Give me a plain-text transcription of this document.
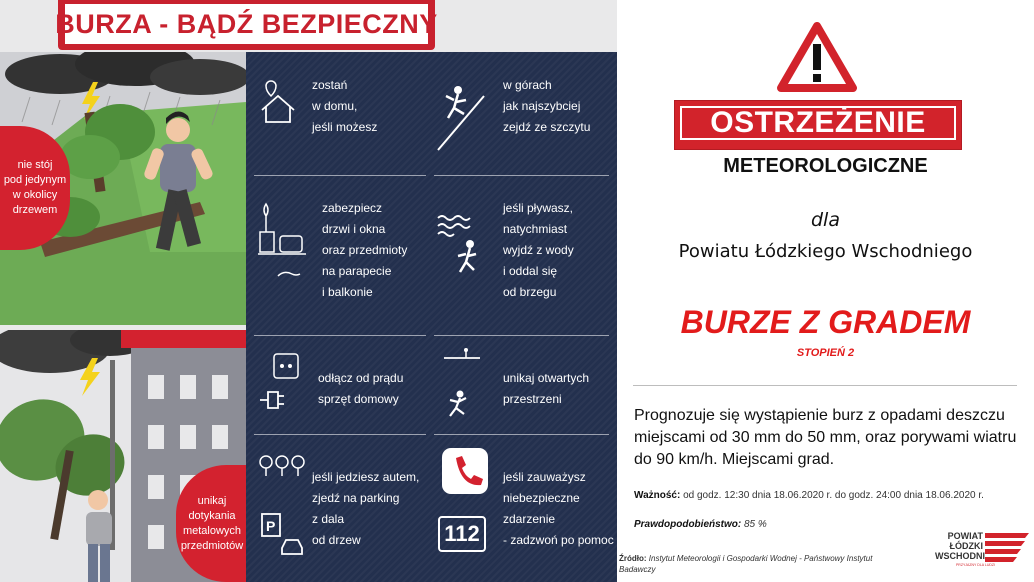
BURZA - BĄDŹ BEZPIECZNY
nie stój
pod jedynym
w okolicy
drzewem
unikaj
dotykania
metalowych
przedmiotów
zostań
w domu,
jeśli możesz
w górach
jak najszybciej
zejdź ze szczytu
zabezpiecz
drzwi i okna
oraz przedmioty
na parapecie
i balkonie
jeśli pływasz,
natychmiast
wyjdź z wody
i oddal się
od brzegu
odłącz od prądu
sprzęt domowy
unikaj otwartych
przestrzeni
P
jeśli jedziesz autem,
zjedź na parking
z dala
od drzew	112
jeśli zauważysz
niebezpieczne
zdarzenie
- zadzwoń po pomoc
OSTRZEŻENIE
METEOROLOGICZNE
dla
Powiatu Łódzkiego Wschodniego
BURZE Z GRADEM
STOPIEŃ 2
Prognozuje się wystąpienie burz z opadami deszczu miejscami od 30 mm do 50 mm, oraz porywami wiatru do 90 km/h. Miejscami grad.
Ważność: od godz. 12:30 dnia 18.06.2020 r. do godz. 24:00 dnia 18.06.2020 r.
Prawdopodobieństwo: 85 %
Źródło: Instytut Meteorologii i Gospodarki Wodnej - Państwowy Instytut Badawczy
POWIAT
ŁÓDZKI
WSCHODNI
PRZYJAZNY DLA LUDZI
